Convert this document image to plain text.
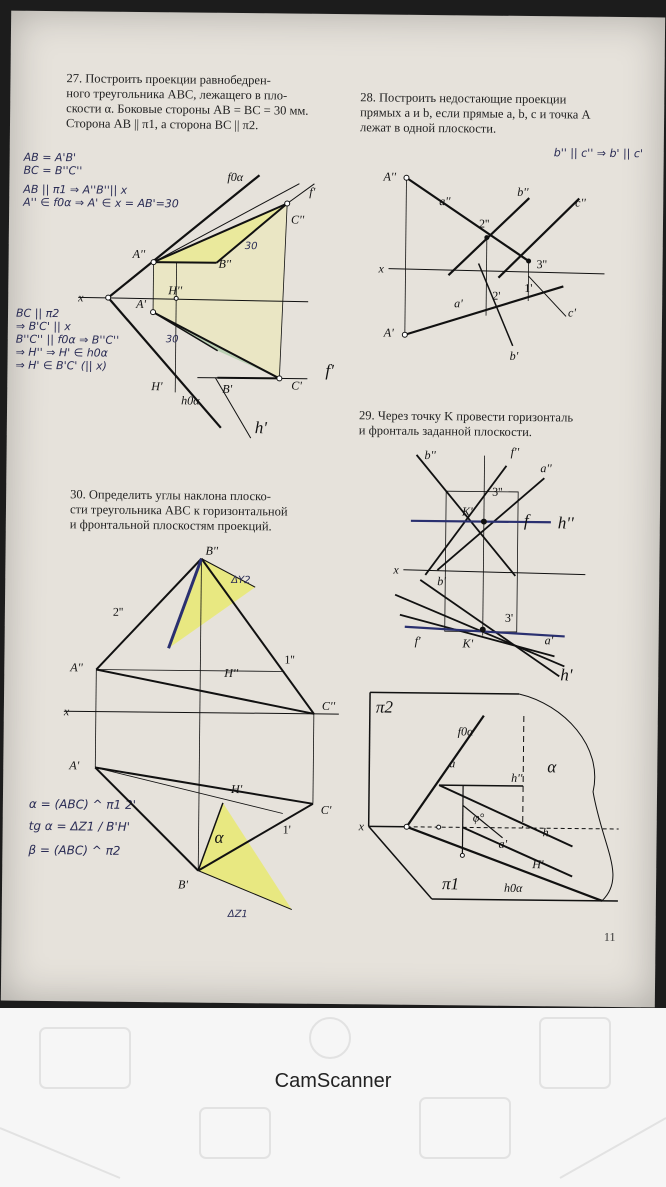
27. Построить проекции равнобедрен-
ного треугольника ABC, лежащего в пло-
скости α. Боковые стороны AB = BC = 30 мм.
Сторона AB || π1, а сторона BC || π2.
28. Построить недостающие проекции
прямых a и b, если прямые a, b, c и точка A
лежат в одной плоскости.
29. Через точку K провести горизонталь
и фронталь заданной плоскости.
30. Определить углы наклона плоско-
сти треугольника ABC к горизонтальной
и фронтальной плоскостям проекций.
AB = A'B'
BC = B''C''
AB || π1 ⇒ A''B''|| x
A'' ∈ f0α ⇒ A' ∈ x = AB'=30
BC || π2
⇒ B'C' || x
B''C'' || f0α ⇒ B''C''
⇒ H'' ⇒ H' ∈ h0α
⇒ H' ∈ B'C' (|| x)
b'' || c'' ⇒ b' || c'
α = (ABC) ^ π1 2'
tg α = ΔZ1 / B'H'
β = (ABC) ^ π2
f0α
h0α
x
A''
A'
C''
C'
H''
H'
B''
B'
f'
h'
30
30
f'
A''
A'
x
a''
b''
c''
a'
b'
c'
2''
2'
3''
1'
b''	f''
a''
K''	f h''
x
3''
b'
f'	K'	a'
3'
h'
B''
A''
C''
A'
C'
B'
x
H''
H'
2''
1''
1'
ΔY2
ΔZ1
α
π2
π1
f0α
α
a
h''
h
H'
a'
φ°
h0α
x
11
CamScanner
